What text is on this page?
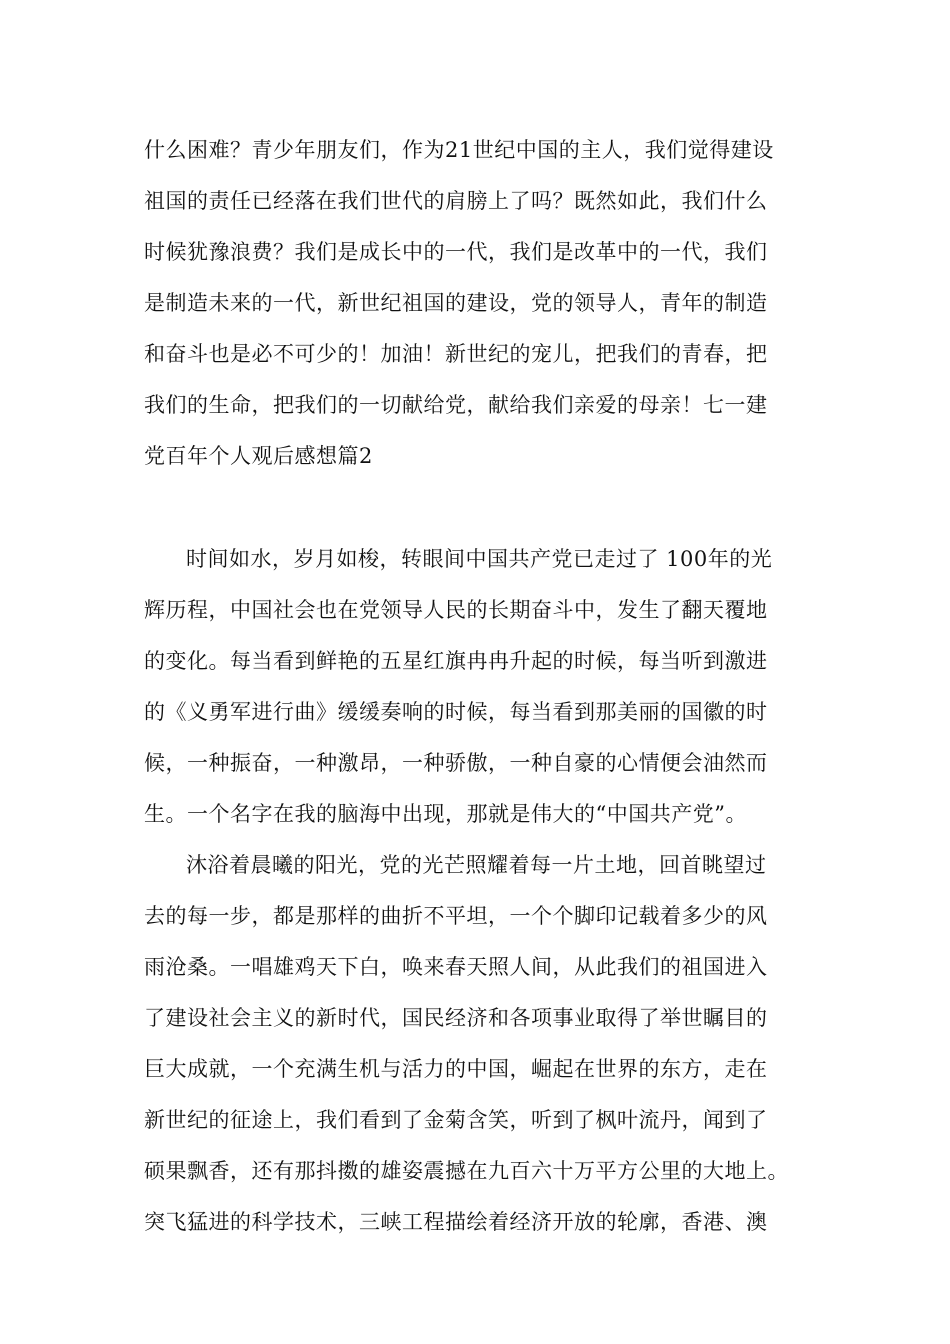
什么困难？青少年朋友们，作为21世纪中国的主人，我们觉得建设
祖国的责任已经落在我们世代的肩膀上了吗？既然如此，我们什么
时候犹豫浪费？我们是成长中的一代，我们是改革中的一代，我们
是制造未来的一代，新世纪祖国的建设，党的领导人，青年的制造
和奋斗也是必不可少的！加油！新世纪的宠儿，把我们的青春，把
我们的生命，把我们的一切献给党，献给我们亲爱的母亲！七一建
党百年个人观后感想篇2
时间如水，岁月如梭，转眼间中国共产党已走过了 100年的光
辉历程，中国社会也在党领导人民的长期奋斗中，发生了翻天覆地
的变化。每当看到鲜艳的五星红旗冉冉升起的时候，每当听到激进
的《义勇军进行曲》缓缓奏响的时候，每当看到那美丽的国徽的时
候，一种振奋，一种激昂，一种骄傲，一种自豪的心情便会油然而
生。一个名字在我的脑海中出现，那就是伟大的“中国共产党”。
沐浴着晨曦的阳光，党的光芒照耀着每一片土地，回首眺望过
去的每一步，都是那样的曲折不平坦，一个个脚印记载着多少的风
雨沧桑。一唱雄鸡天下白，唤来春天照人间，从此我们的祖国进入
了建设社会主义的新时代，国民经济和各项事业取得了举世瞩目的
巨大成就，一个充满生机与活力的中国，崛起在世界的东方，走在
新世纪的征途上，我们看到了金菊含笑，听到了枫叶流丹，闻到了
硕果飘香，还有那抖擞的雄姿震撼在九百六十万平方公里的大地上。
突飞猛进的科学技术，三峡工程描绘着经济开放的轮廓，香港、澳
